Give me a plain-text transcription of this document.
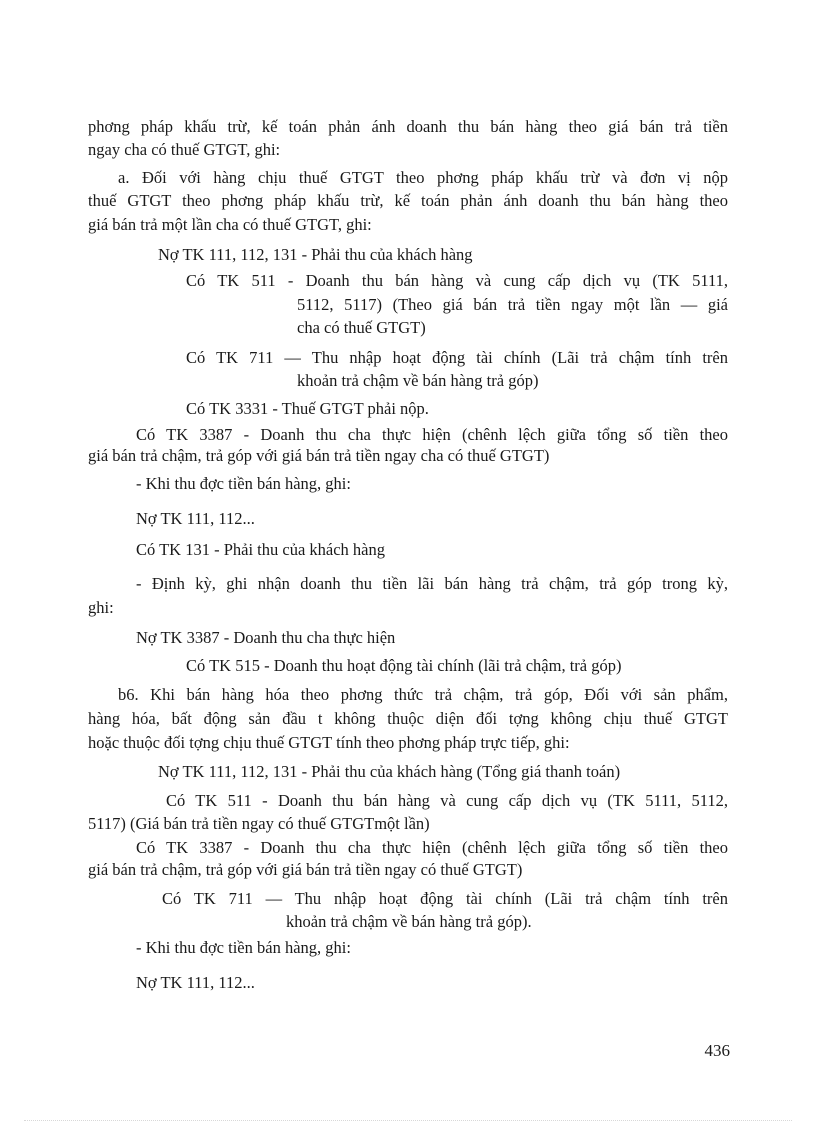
phơng pháp khấu trừ, kế toán phản ánh doanh thu bán hàng theo giá bán trả tiền
ngay cha có thuế GTGT, ghi:
a. Đối với hàng chịu thuế GTGT theo phơng pháp khấu trừ và đơn vị nộp
thuế GTGT theo phơng pháp khấu trừ, kế toán phản ánh doanh thu bán hàng theo
giá bán trả một lần cha có thuế GTGT, ghi:
Nợ TK 111, 112, 131 - Phải thu của khách hàng
Có TK 511 - Doanh thu bán hàng và cung cấp dịch vụ (TK 5111,
5112, 5117) (Theo giá bán trả tiền ngay một lần — giá
cha có thuế GTGT)
Có TK 711 — Thu nhập hoạt động tài chính (Lãi trả chậm tính trên
khoản trả chậm về bán hàng trả góp)
Có TK 3331 - Thuế GTGT phải nộp.
Có TK 3387 - Doanh thu cha thực hiện (chênh lệch giữa tổng số tiền theo
giá bán trả chậm, trả góp với giá bán trả tiền ngay cha có thuế GTGT)
- Khi thu đợc tiền bán hàng, ghi:
Nợ TK 111, 112...
Có TK 131 - Phải thu của khách hàng
- Định kỳ, ghi nhận doanh thu tiền lãi bán hàng trả chậm, trả góp trong kỳ,
ghi:
Nợ TK 3387 - Doanh thu cha thực hiện
Có TK 515 - Doanh thu hoạt động tài chính (lãi trả chậm, trả góp)
b6. Khi bán hàng hóa theo phơng thức trả chậm, trả góp, Đối với sản phẩm,
hàng hóa, bất động sản đầu t không thuộc diện đối tợng không chịu thuế GTGT
hoặc thuộc đối tợng chịu thuế GTGT tính theo phơng pháp trực tiếp, ghi:
Nợ TK 111, 112, 131 - Phải thu của khách hàng (Tổng giá thanh toán)
Có TK 511 - Doanh thu bán hàng và cung cấp dịch vụ (TK 5111, 5112,
5117) (Giá bán trả tiền ngay có thuế GTGTmột lần)
Có TK 3387 - Doanh thu cha thực hiện (chênh lệch giữa tổng số tiền theo
giá bán trả chậm, trả góp với giá bán trả tiền ngay có thuế GTGT)
Có TK 711 — Thu nhập hoạt động tài chính (Lãi trả chậm tính trên
khoản trả chậm về bán hàng trả góp).
- Khi thu đợc tiền bán hàng, ghi:
Nợ TK 111, 112...
436
